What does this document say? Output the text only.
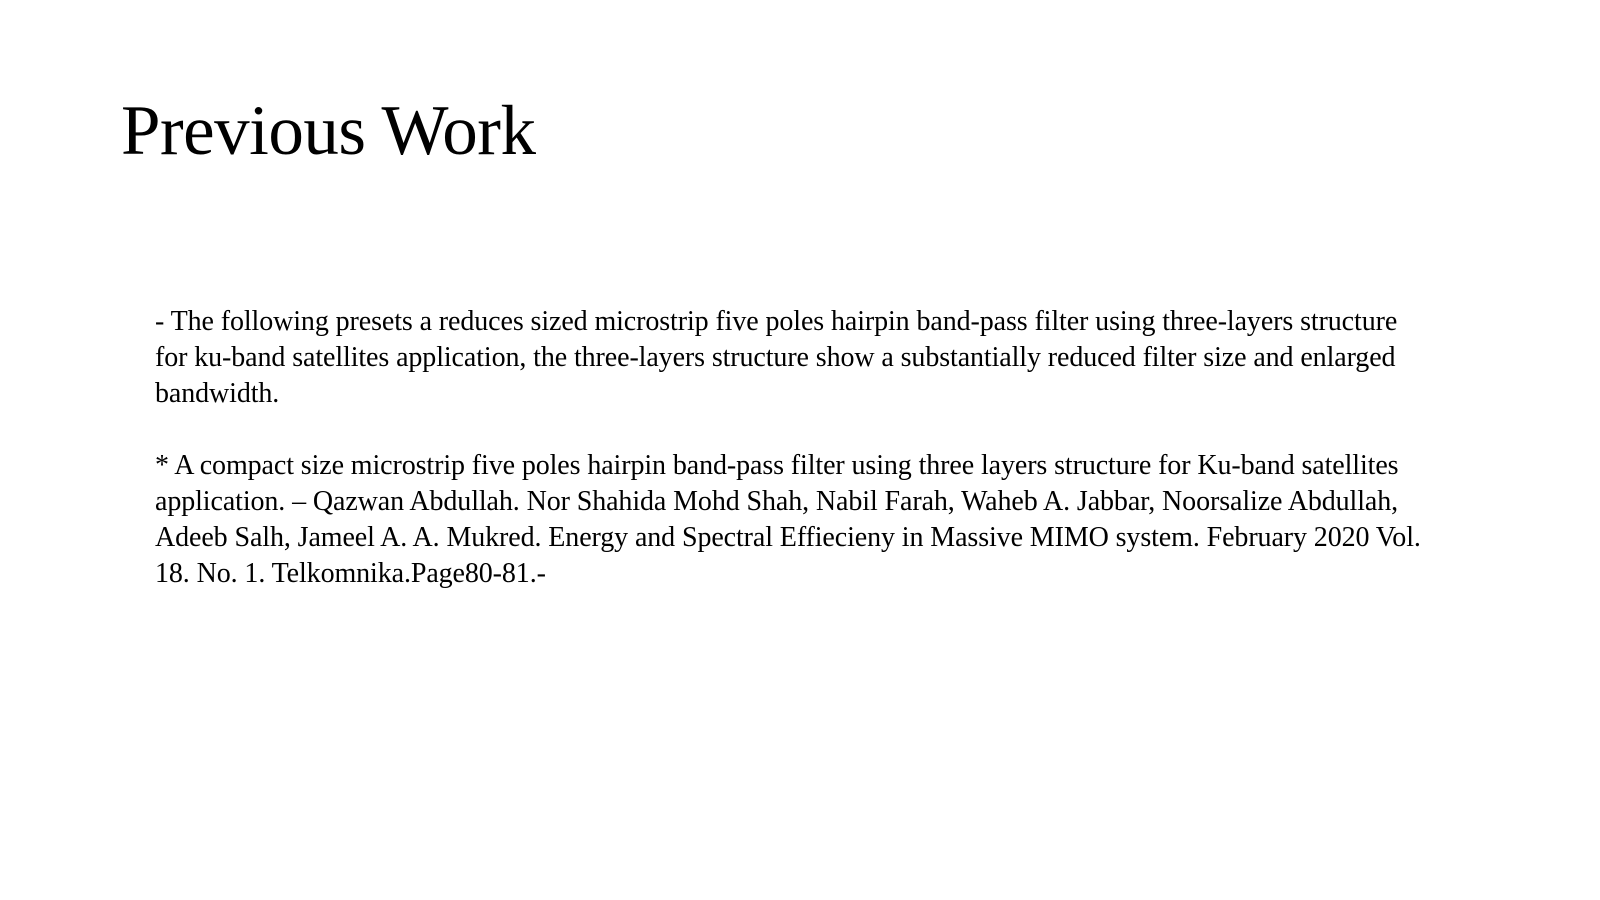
Previous Work

- The following presets a reduces sized microstrip five poles hairpin band-pass filter using three-layers structure for ku-band satellites application, the three-layers structure show a substantially reduced filter size and enlarged bandwidth.

* A compact size microstrip five poles hairpin band-pass filter using three layers structure for Ku-band satellites application. – Qazwan Abdullah. Nor Shahida Mohd Shah, Nabil Farah, Waheb A. Jabbar, Noorsalize Abdullah, Adeeb Salh, Jameel A. A. Mukred. Energy and Spectral Effiecieny in Massive MIMO system. February 2020 Vol. 18. No. 1. Telkomnika.Page80-81.-
